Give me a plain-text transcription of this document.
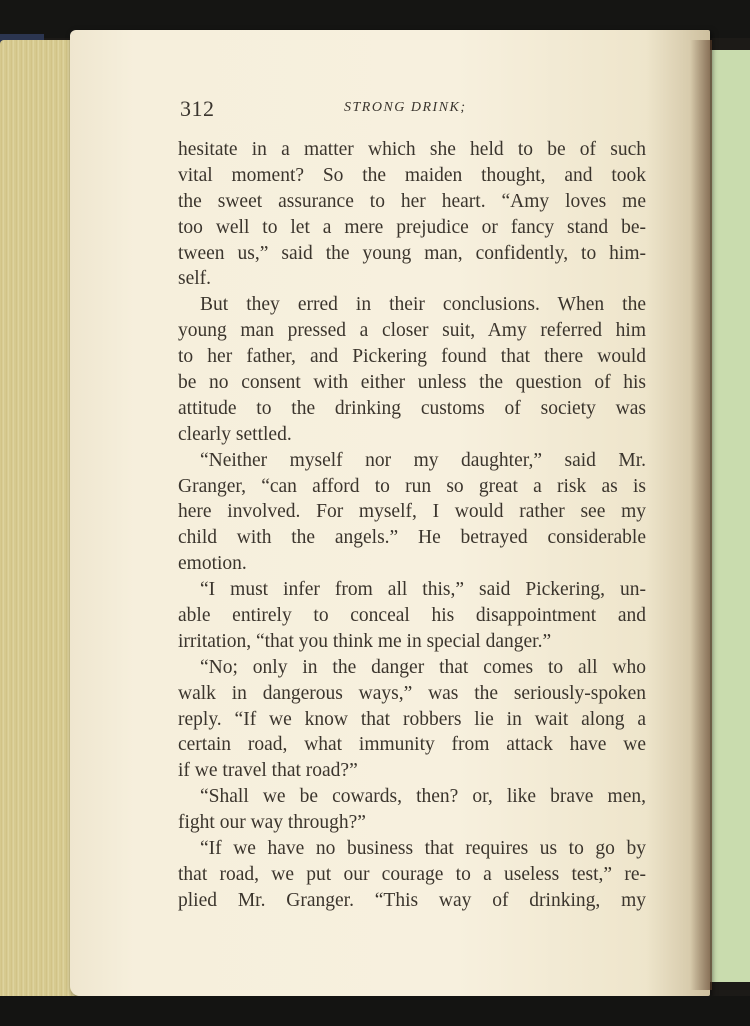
312	STRONG DRINK;
hesitate in a matter which she held to be of such
vital moment? So the maiden thought, and took
the sweet assurance to her heart. “Amy loves me
too well to let a mere prejudice or fancy stand be-
tween us,” said the young man, confidently, to him-
self.
But they erred in their conclusions. When the
young man pressed a closer suit, Amy referred him
to her father, and Pickering found that there would
be no consent with either unless the question of his
attitude to the drinking customs of society was
clearly settled.
“Neither myself nor my daughter,” said Mr.
Granger, “can afford to run so great a risk as is
here involved. For myself, I would rather see my
child with the angels.” He betrayed considerable
emotion.
“I must infer from all this,” said Pickering, un-
able entirely to conceal his disappointment and
irritation, “that you think me in special danger.”
“No; only in the danger that comes to all who
walk in dangerous ways,” was the seriously-spoken
reply. “If we know that robbers lie in wait along a
certain road, what immunity from attack have we
if we travel that road?”
“Shall we be cowards, then? or, like brave men,
fight our way through?”
“If we have no business that requires us to go by
that road, we put our courage to a useless test,” re-
plied Mr. Granger. “This way of drinking, my
